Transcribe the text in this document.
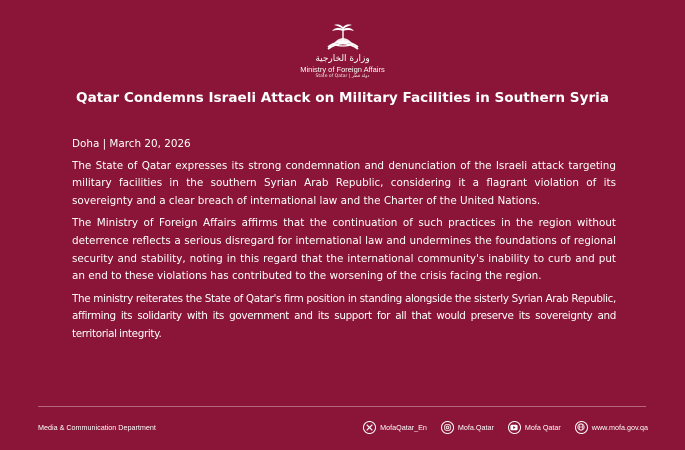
وزارة الخارجية
Ministry of Foreign Affairs
State of Qatar | دولة قطر
Qatar Condemns Israeli Attack on Military Facilities in Southern Syria

Doha | March 20, 2026

The State of Qatar expresses its strong condemnation and denunciation of the Israeli attack targeting military facilities in the southern Syrian Arab Republic, considering it a flagrant violation of its sovereignty and a clear breach of international law and the Charter of the United Nations.

The Ministry of Foreign Affairs affirms that the continuation of such practices in the region without deterrence reflects a serious disregard for international law and undermines the foundations of regional security and stability, noting in this regard that the international community's inability to curb and put an end to these violations has contributed to the worsening of the crisis facing the region.

The ministry reiterates the State of Qatar's firm position in standing alongside the sisterly Syrian Arab Republic, affirming its solidarity with its government and its support for all that would preserve its sovereignty and territorial integrity.

Media & Communication Department	MofaQatar_En	Mofa.Qatar	Mofa Qatar	www.mofa.gov.qa
